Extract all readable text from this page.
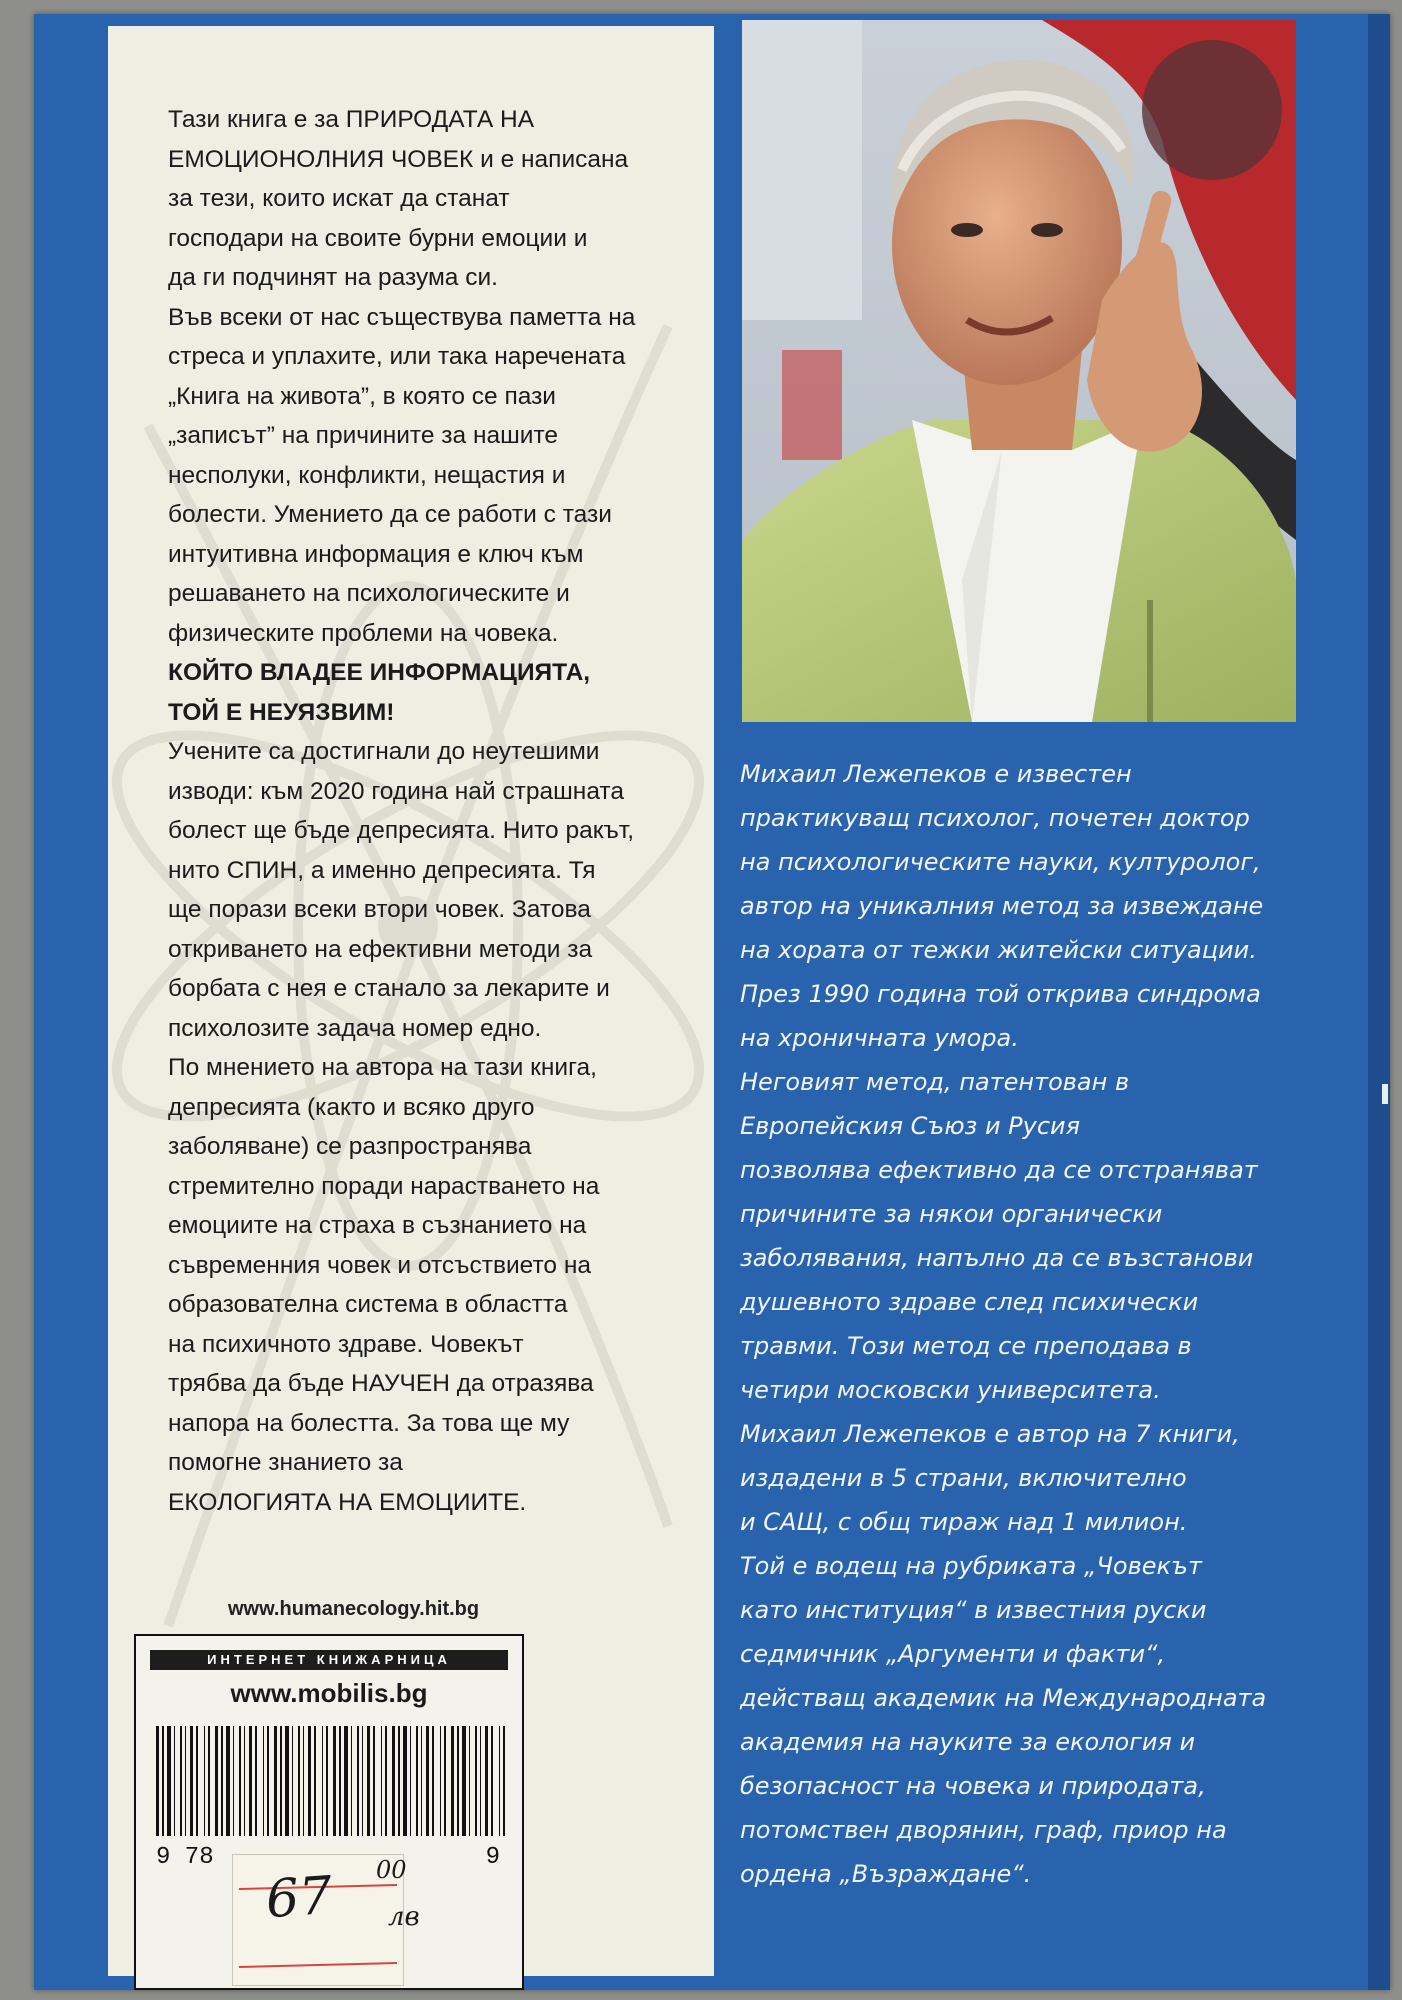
Тази книга е за ПРИРОДАТА НА
ЕМОЦИОНОЛНИЯ ЧОВЕК и е написана
за тези, които искат да станат
господари на своите бурни емоции и
да ги подчинят на разума си.

Във всеки от нас съществува паметта на
стреса и уплахите, или така наречената
„Книга на живота”, в която се пази
„записът” на причините за нашите
несполуки, конфликти, нещастия и
болести. Умението да се работи с тази
интуитивна информация е ключ към
решаването на психологическите и
физическите проблеми на човека.

КОЙТО ВЛАДЕЕ ИНФОРМАЦИЯТА,
ТОЙ Е НЕУЯЗВИМ!

Учените са достигнали до неутешими
изводи: към 2020 година най страшната
болест ще бъде депресията. Нито ракът,
нито СПИН, а именно депресията. Тя
ще порази всеки втори човек. Затова
откриването на ефективни методи за
борбата с нея е станало за лекарите и
психолозите задача номер едно.

По мнението на автора на тази книга,
депресията (както и всяко друго
заболяване) се разпространява
стремително поради нарастването на
емоциите на страха в съзнанието на
съвременния човек и отсъствието на
образователна система в областта
на психичното здраве. Човекът
трябва да бъде НАУЧЕН да отразява
напора на болестта. За това ще му
помогне знанието за
ЕКОЛОГИЯТА НА ЕМОЦИИТЕ.

www.humanecology.hit.bg
ИНТЕРНЕТ КНИЖАРНИЦА
www.mobilis.bg
9 78	9
67 00
лв

Михаил Лежепеков е известен
практикуващ психолог, почетен доктор
на психологическите науки, културолог,
автор на уникалния метод за извеждане
на хората от тежки житейски ситуации.
През 1990 година той открива синдрома
на хроничната умора.

Неговият метод, патентован в
Европейския Съюз и Русия
позволява ефективно да се отстраняват
причините за някои органически
заболявания, напълно да се възстанови
душевното здраве след психически
травми. Този метод се преподава в
четири московски университета.

Михаил Лежепеков е автор на 7 книги,
издадени в 5 страни, включително
и САЩ, с общ тираж над 1 милион.

Той е водещ на рубриката „Човекът
като институция“ в известния руски
седмичник „Аргументи и факти“,
действащ академик на Международната
академия на науките за екология и
безопасност на човека и природата,
потомствен дворянин, граф, приор на
ордена „Възраждане“.
